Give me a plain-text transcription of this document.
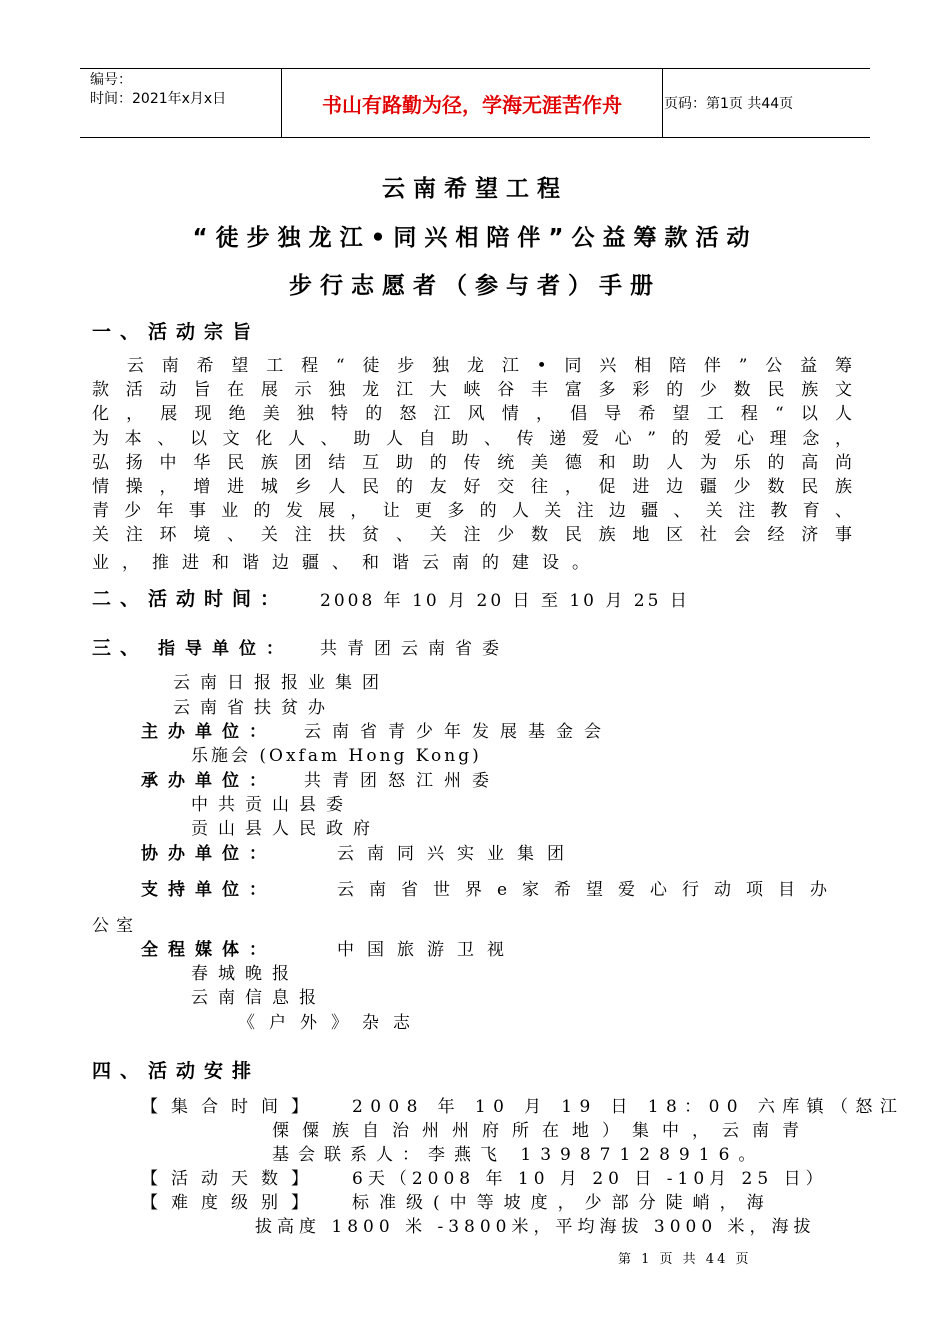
编号：
时间：2021年x月x日	书山有路勤为径，学海无涯苦作舟	页码：第1页 共44页
云南希望工程
“徒步独龙江•同兴相陪伴”公益筹款活动
步行志愿者（参与者）手册
一、活动宗旨
　云南希望工程“徒步独龙江•同兴相陪伴”公益筹
款活动旨在展示独龙江大峡谷丰富多彩的少数民族文
化，展现绝美独特的怒江风情，倡导希望工程“以人
为本、以文化人、助人自助、传递爱心”的爱心理念，
弘扬中华民族团结互助的传统美德和助人为乐的高尚
情操，增进城乡人民的友好交往，促进边疆少数民族
青少年事业的发展，让更多的人关注边疆、关注教育、
关注环境、关注扶贫、关注少数民族地区社会经济事
业，推进和谐边疆、和谐云南的建设。
二、活动时间： 2008 年 10 月 20 日 至 10 月 25 日
三、 指导单位： 共青团云南省委
云南日报报业集团
云南省扶贫办
主办单位： 云南省青少年发展基金会
乐施会 (Oxfam Hong Kong)
承办单位： 共青团怒江州委
中共贡山县委
贡山县人民政府
协办单位：	云南同兴实业集团
支持单位：	云南省世界e家希望爱心行动项目办
公室
全程媒体：	中国旅游卫视
春城晚报
云南信息报
《户外》杂志
四、活动安排
【集合时间】 2008 年 10 月 19 日 18：00 六库镇（怒江
傈僳族自治州州府所在地）集中，云南青
基会联系人：李燕飞 13987128916。
【活动天数】 6天（2008 年 10 月 20 日 -10月 25 日）
【难度级别】 标准级(中等坡度，少部分陡峭，海
拔高度 1800 米 -3800米，平均海拔 3000 米，海拔
第 1 页 共 44 页
